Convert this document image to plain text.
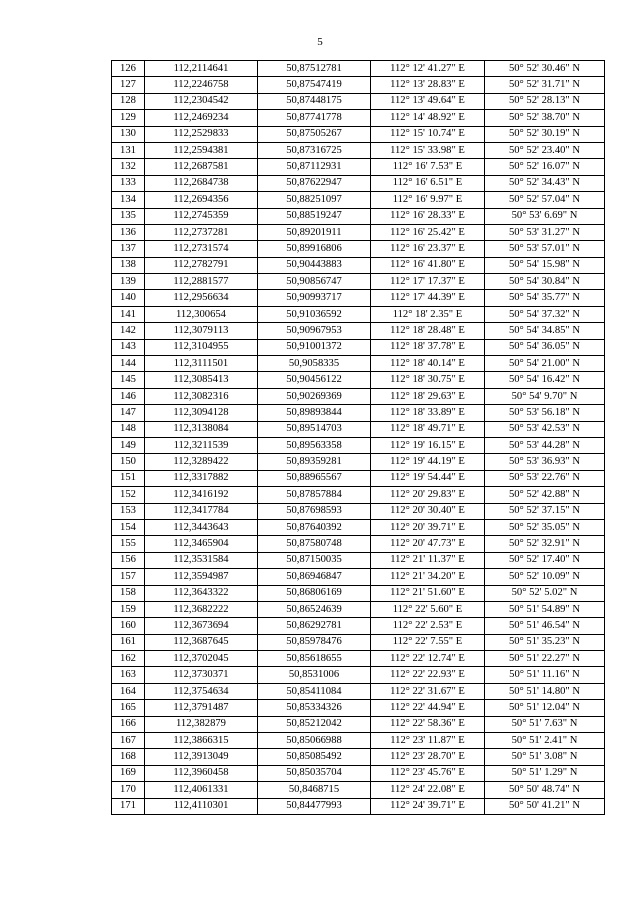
5
126	112,2114641	50,87512781	112° 12' 41.27" E	50° 52' 30.46" N
127	112,2246758	50,87547419	112° 13' 28.83" E	50° 52' 31.71" N
128	112,2304542	50,87448175	112° 13' 49.64" E	50° 52' 28.13" N
129	112,2469234	50,87741778	112° 14' 48.92" E	50° 52' 38.70" N
130	112,2529833	50,87505267	112° 15' 10.74" E	50° 52' 30.19" N
131	112,2594381	50,87316725	112° 15' 33.98" E	50° 52' 23.40" N
132	112,2687581	50,87112931	112° 16' 7.53" E	50° 52' 16.07" N
133	112,2684738	50,87622947	112° 16' 6.51" E	50° 52' 34.43" N
134	112,2694356	50,88251097	112° 16' 9.97" E	50° 52' 57.04" N
135	112,2745359	50,88519247	112° 16' 28.33" E	50° 53' 6.69" N
136	112,2737281	50,89201911	112° 16' 25.42" E	50° 53' 31.27" N
137	112,2731574	50,89916806	112° 16' 23.37" E	50° 53' 57.01" N
138	112,2782791	50,90443883	112° 16' 41.80" E	50° 54' 15.98" N
139	112,2881577	50,90856747	112° 17' 17.37" E	50° 54' 30.84" N
140	112,2956634	50,90993717	112° 17' 44.39" E	50° 54' 35.77" N
141	112,300654	50,91036592	112° 18' 2.35" E	50° 54' 37.32" N
142	112,3079113	50,90967953	112° 18' 28.48" E	50° 54' 34.85" N
143	112,3104955	50,91001372	112° 18' 37.78" E	50° 54' 36.05" N
144	112,3111501	50,9058335	112° 18' 40.14" E	50° 54' 21.00" N
145	112,3085413	50,90456122	112° 18' 30.75" E	50° 54' 16.42" N
146	112,3082316	50,90269369	112° 18' 29.63" E	50° 54' 9.70" N
147	112,3094128	50,89893844	112° 18' 33.89" E	50° 53' 56.18" N
148	112,3138084	50,89514703	112° 18' 49.71" E	50° 53' 42.53" N
149	112,3211539	50,89563358	112° 19' 16.15" E	50° 53' 44.28" N
150	112,3289422	50,89359281	112° 19' 44.19" E	50° 53' 36.93" N
151	112,3317882	50,88965567	112° 19' 54.44" E	50° 53' 22.76" N
152	112,3416192	50,87857884	112° 20' 29.83" E	50° 52' 42.88" N
153	112,3417784	50,87698593	112° 20' 30.40" E	50° 52' 37.15" N
154	112,3443643	50,87640392	112° 20' 39.71" E	50° 52' 35.05" N
155	112,3465904	50,87580748	112° 20' 47.73" E	50° 52' 32.91" N
156	112,3531584	50,87150035	112° 21' 11.37" E	50° 52' 17.40" N
157	112,3594987	50,86946847	112° 21' 34.20" E	50° 52' 10.09" N
158	112,3643322	50,86806169	112° 21' 51.60" E	50° 52' 5.02" N
159	112,3682222	50,86524639	112° 22' 5.60" E	50° 51' 54.89" N
160	112,3673694	50,86292781	112° 22' 2.53" E	50° 51' 46.54" N
161	112,3687645	50,85978476	112° 22' 7.55" E	50° 51' 35.23" N
162	112,3702045	50,85618655	112° 22' 12.74" E	50° 51' 22.27" N
163	112,3730371	50,8531006	112° 22' 22.93" E	50° 51' 11.16" N
164	112,3754634	50,85411084	112° 22' 31.67" E	50° 51' 14.80" N
165	112,3791487	50,85334326	112° 22' 44.94" E	50° 51' 12.04" N
166	112,382879	50,85212042	112° 22' 58.36" E	50° 51' 7.63" N
167	112,3866315	50,85066988	112° 23' 11.87" E	50° 51' 2.41" N
168	112,3913049	50,85085492	112° 23' 28.70" E	50° 51' 3.08" N
169	112,3960458	50,85035704	112° 23' 45.76" E	50° 51' 1.29" N
170	112,4061331	50,8468715	112° 24' 22.08" E	50° 50' 48.74" N
171	112,4110301	50,84477993	112° 24' 39.71" E	50° 50' 41.21" N
